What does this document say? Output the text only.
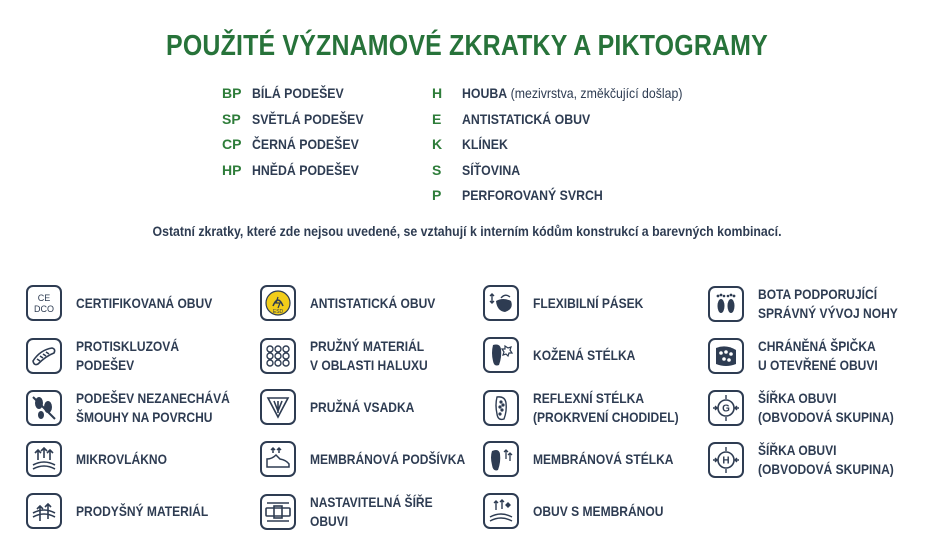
POUŽITÉ VÝZNAMOVÉ ZKRATKY A PIKTOGRAMY
BP BÍLÁ PODEŠEV
SP SVĚTLÁ PODEŠEV
CP ČERNÁ PODEŠEV
HP HNĚDÁ PODEŠEV
H	HOUBA (mezivrstva, změkčující došlap)
E	ANTISTATICKÁ OBUV
K	KLÍNEK
S	SÍŤOVINA
P	PERFOROVANÝ SVRCH
Ostatní zkratky, které zde nejsou uvedené, se vztahují k interním kódům konstrukcí a barevných kombinací.
CE
DCO CERTIFIKOVANÁ OBUV
PROTISKLUZOVÁ
PODEŠEV
PODEŠEV NEZANECHÁVÁ
ŠMOUHY NA POVRCHU
MIKROVLÁKNO
PRODYŠNÝ MATERIÁL
ESD
ANTISTATICKÁ OBUV
PRUŽNÝ MATERIÁL
V OBLASTI HALUXU
PRUŽNÁ VSADKA
MEMBRÁNOVÁ PODŠÍVKA
NASTAVITELNÁ ŠÍŘE
OBUVI
FLEXIBILNÍ PÁSEK
KOŽENÁ STÉLKA
REFLEXNÍ STÉLKA
(PROKRVENÍ CHODIDEL)
MEMBRÁNOVÁ STÉLKA
OBUV S MEMBRÁNOU
BOTA PODPORUJÍCÍ
SPRÁVNÝ VÝVOJ NOHY
CHRÁNĚNÁ ŠPIČKA
U OTEVŘENÉ OBUVI
G
ŠÍŘKA OBUVI
(OBVODOVÁ SKUPINA)
H
ŠÍŘKA OBUVI
(OBVODOVÁ SKUPINA)
